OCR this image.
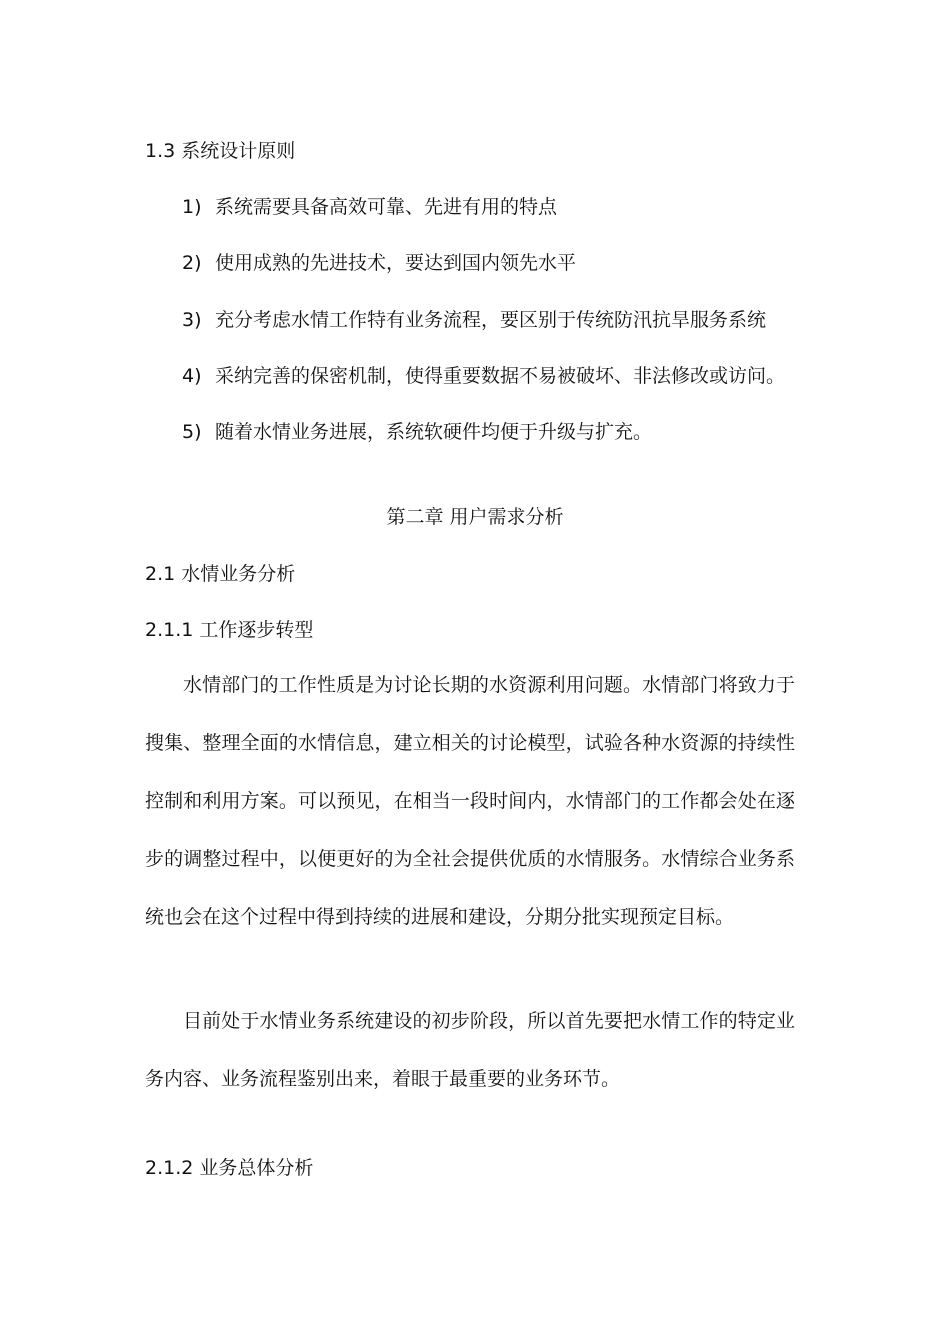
1.3 系统设计原则
1) 系统需要具备高效可靠、先进有用的特点
2) 使用成熟的先进技术，要达到国内领先水平
3) 充分考虑水情工作特有业务流程，要区别于传统防汛抗旱服务系统
4) 采纳完善的保密机制，使得重要数据不易被破坏、非法修改或访问。
5) 随着水情业务进展，系统软硬件均便于升级与扩充。
第二章 用户需求分析
2.1 水情业务分析
2.1.1 工作逐步转型

水情部门的工作性质是为讨论长期的水资源利用问题。水情部门将致力于搜集、整理全面的水情信息，建立相关的讨论模型，试验各种水资源的持续性控制和利用方案。可以预见，在相当一段时间内，水情部门的工作都会处在逐步的调整过程中，以便更好的为全社会提供优质的水情服务。水情综合业务系统也会在这个过程中得到持续的进展和建设，分期分批实现预定目标。

目前处于水情业务系统建设的初步阶段，所以首先要把水情工作的特定业务内容、业务流程鉴别出来，着眼于最重要的业务环节。

2.1.2 业务总体分析
